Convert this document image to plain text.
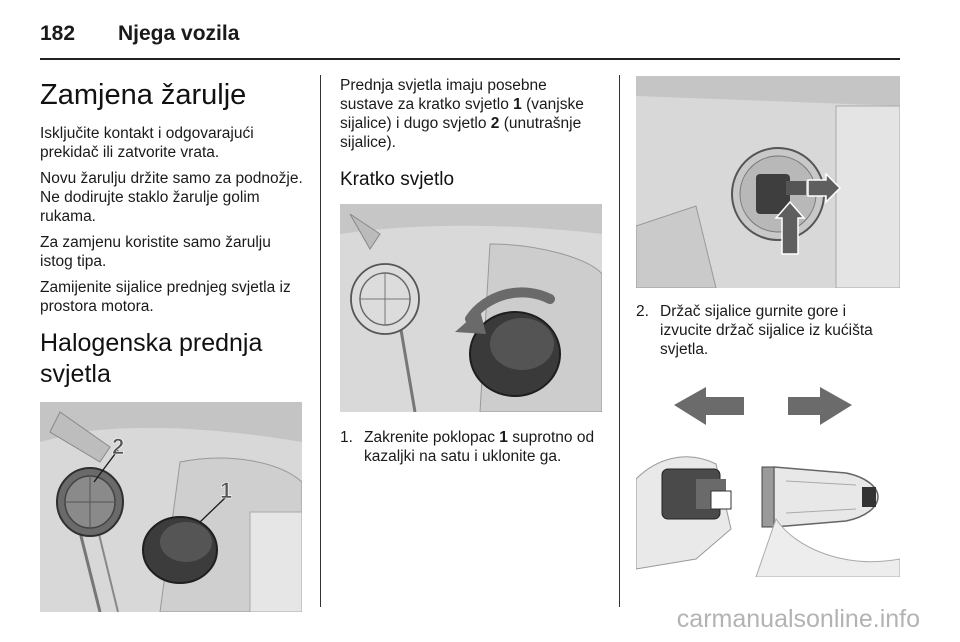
182 Njega vozila
Zamjena žarulje

Isključite kontakt i odgovarajući prekidač ili zatvorite vrata.

Novu žarulju držite samo za podnožje. Ne dodirujte staklo žarulje golim rukama.

Za zamjenu koristite samo žarulju istog tipa.

Zamijenite sijalice prednjeg svjetla iz prostora motora.

Halogenska prednja svjetla
2
1

Prednja svjetla imaju posebne sustave za kratko svjetlo 1 (vanjske sijalice) i dugo svjetlo 2 (unutrašnje sijalice).

Kratko svjetlo
1. Zakrenite poklopac 1 suprotno od kazaljki na satu i uklonite ga.
2. Držač sijalice gurnite gore i izvucite držač sijalice iz kućišta svjetla.
carmanualsonline.info
